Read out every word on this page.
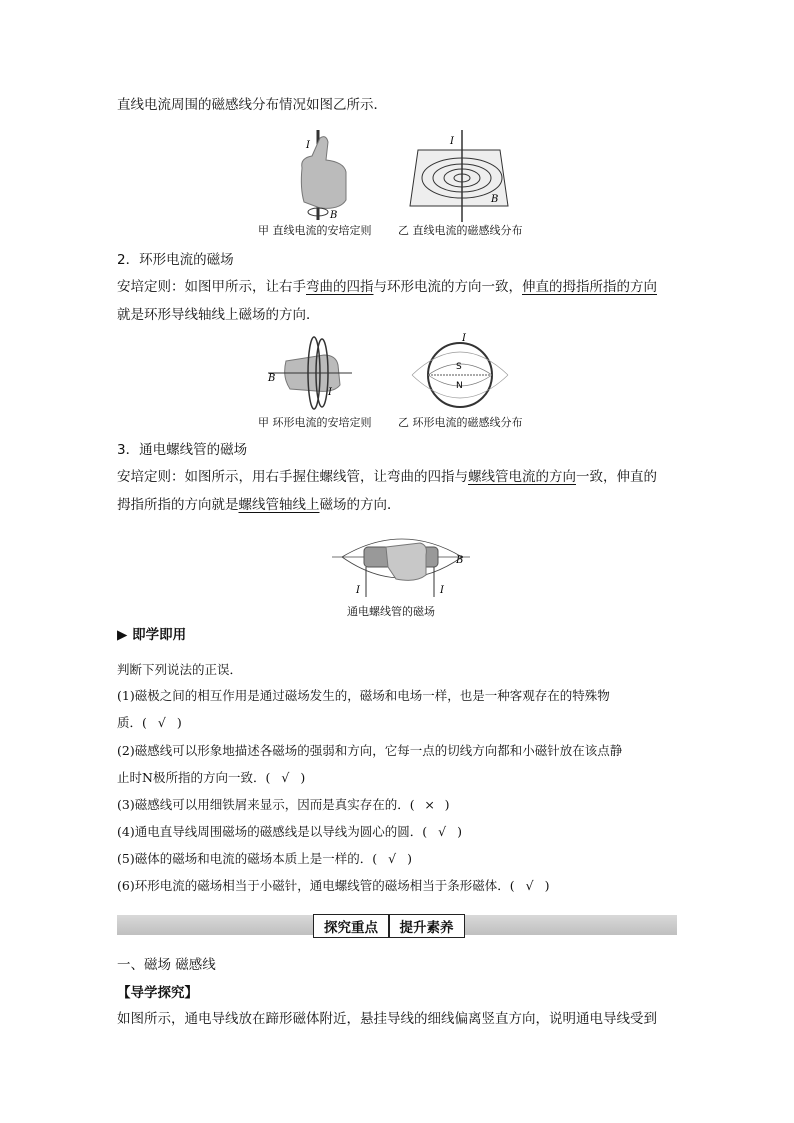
直线电流周围的磁感线分布情况如图乙所示．
I
B
I
B
甲 直线电流的安培定则 乙 直线电流的磁感线分布
2．环形电流的磁场
安培定则：如图甲所示，让右手弯曲的四指与环形电流的方向一致，伸直的拇指所指的方向
就是环形导线轴线上磁场的方向．
B
I
S
N
I
甲 环形电流的安培定则 乙 环形电流的磁感线分布
3．通电螺线管的磁场
安培定则：如图所示，用右手握住螺线管，让弯曲的四指与螺线管电流的方向一致，伸直的
拇指所指的方向就是螺线管轴线上磁场的方向．
I	I
B
通电螺线管的磁场
▶ 即学即用
判断下列说法的正误．
(1)磁极之间的相互作用是通过磁场发生的，磁场和电场一样，也是一种客观存在的特殊物
质．( √ )
(2)磁感线可以形象地描述各磁场的强弱和方向，它每一点的切线方向都和小磁针放在该点静
止时N极所指的方向一致．( √ )
(3)磁感线可以用细铁屑来显示，因而是真实存在的．( × )
(4)通电直导线周围磁场的磁感线是以导线为圆心的圆．( √ )
(5)磁体的磁场和电流的磁场本质上是一样的．( √ )
(6)环形电流的磁场相当于小磁针，通电螺线管的磁场相当于条形磁体．( √ )
探究重点	提升素养
一、磁场 磁感线
【导学探究】
如图所示，通电导线放在蹄形磁体附近，悬挂导线的细线偏离竖直方向，说明通电导线受到
